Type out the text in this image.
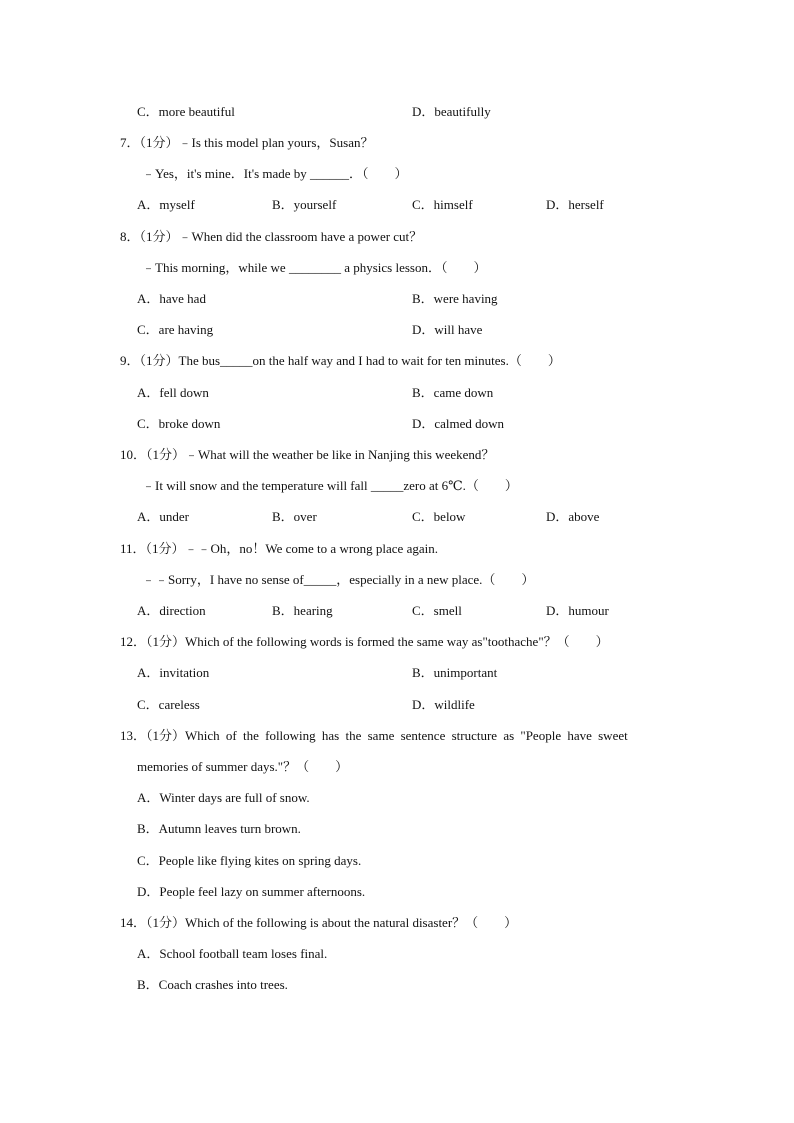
C．more beautiful	D．beautifully
7．（1分）﹣Is this model plan yours，Susan？
﹣Yes，it's mine．It's made by ______．（　　）
A．myself	B．yourself	C．himself	D．herself
8．（1分）﹣When did the classroom have a power cut？
﹣This morning，while we ________ a physics lesson．（　　）
A．have had	B．were having
C．are having	D．will have
9．（1分）The bus_____on the half way and I had to wait for ten minutes.（　　）
A．fell down	B．came down
C．broke down	D．calmed down
10．（1分）﹣What will the weather be like in Nanjing this weekend？
﹣It will snow and the temperature will fall _____zero at 6℃.（　　）
A．under	B．over	C．below	D．above
11．（1分）﹣﹣Oh，no！We come to a wrong place again.
﹣﹣Sorry，I have no sense of_____，especially in a new place.（　　）
A．direction	B．hearing	C．smell	D．humour
12．（1分）Which of the following words is formed the same way as"toothache"？（　　）
A．invitation	B．unimportant
C．careless	D．wildlife
13．（1分）Which of the following has the same sentence structure as "People have sweet
memories of summer days."？（　　）
A．Winter days are full of snow.
B．Autumn leaves turn brown.
C．People like flying kites on spring days.
D．People feel lazy on summer afternoons.
14．（1分）Which of the following is about the natural disaster？（　　）
A．School football team loses final.
B．Coach crashes into trees.
